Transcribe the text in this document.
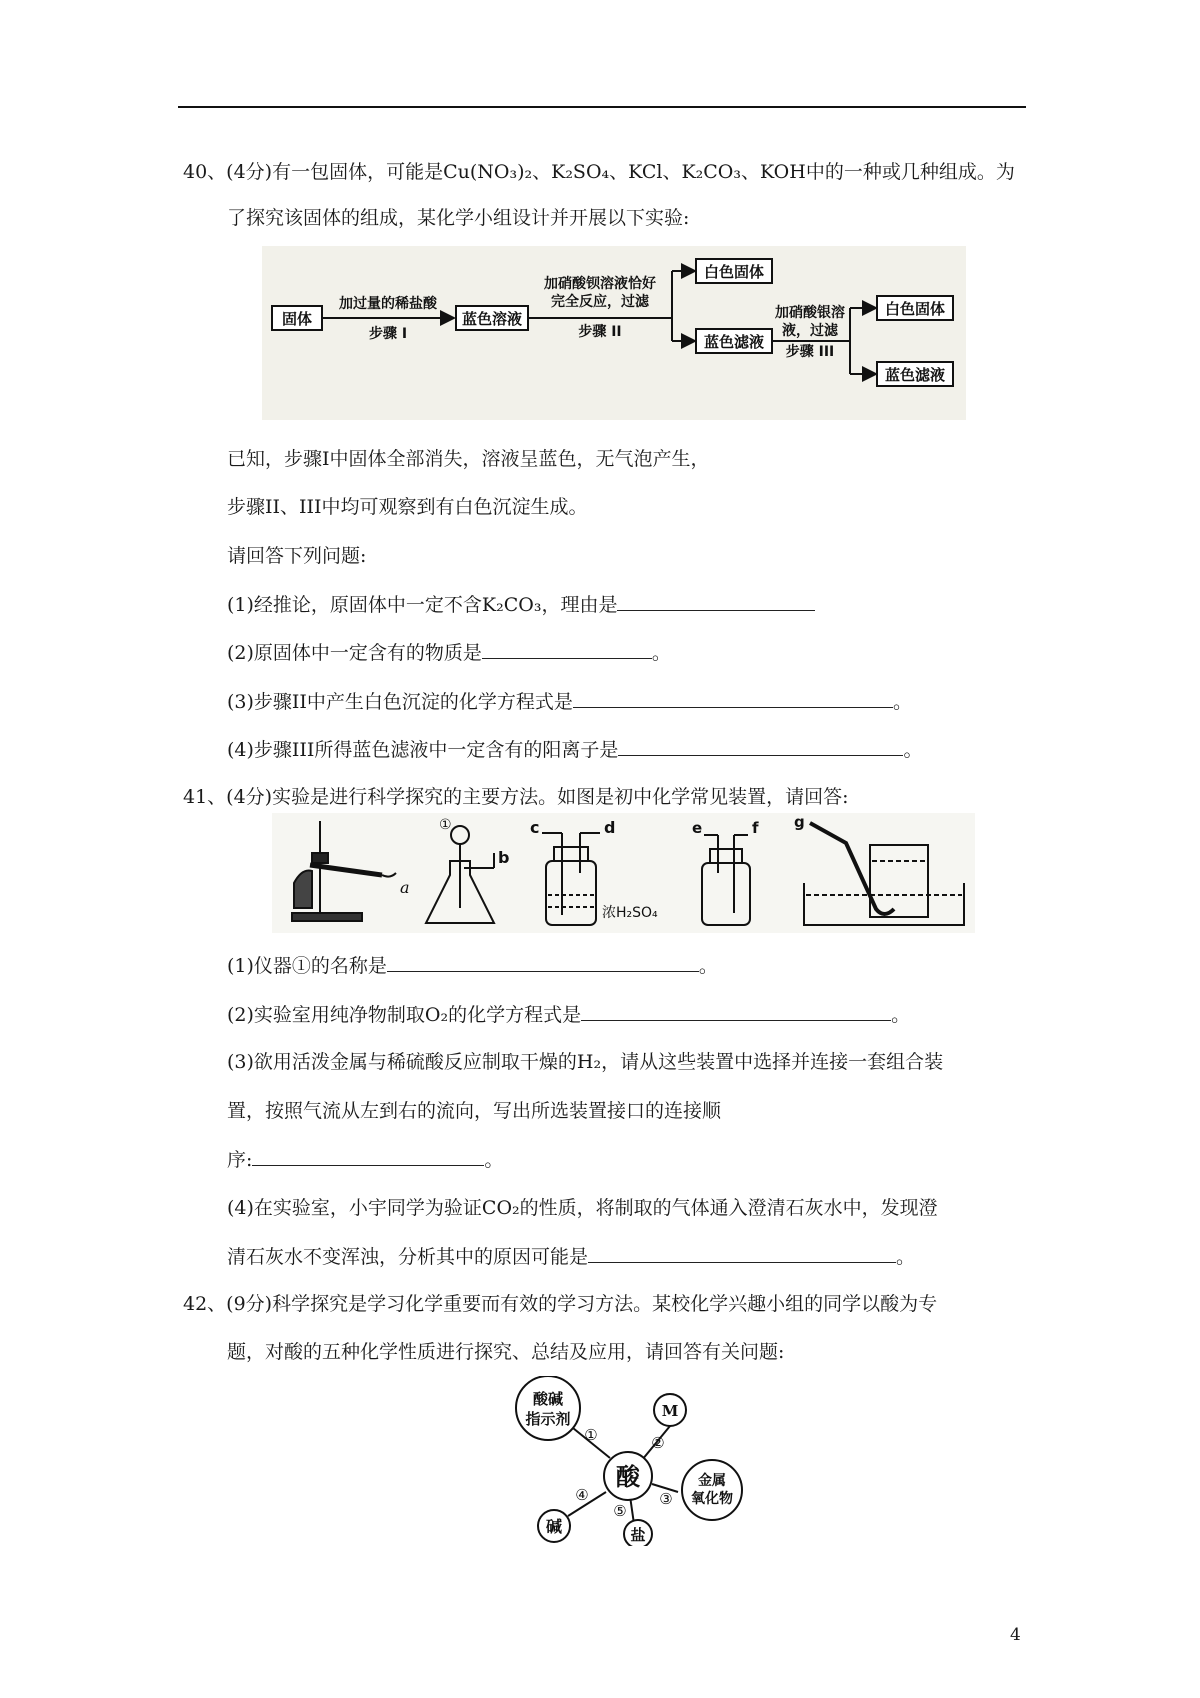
40、(4分)有一包固体，可能是Cu(NO₃)₂、K₂SO₄、KCl、K₂CO₃、KOH中的一种或几种组成。为
了探究该固体的组成，某化学小组设计并开展以下实验:
固体
加过量的稀盐酸
步骤 I
蓝色溶液
加硝酸钡溶液恰好
完全反应，过滤
步骤 II
白色固体
蓝色滤液
加硝酸银溶
液，过滤
步骤 III
白色固体
蓝色滤液
已知，步骤I中固体全部消失，溶液呈蓝色，无气泡产生，
步骤II、III中均可观察到有白色沉淀生成。
请回答下列问题:
(1)经推论，原固体中一定不含K₂CO₃，理由是
(2)原固体中一定含有的物质是	。
(3)步骤II中产生白色沉淀的化学方程式是	。
(4)步骤III所得蓝色滤液中一定含有的阳离子是	。
41、(4分)实验是进行科学探究的主要方法。如图是初中化学常见装置，请回答:
a
①
b
c	d
浓H₂SO₄
e	f g
(1)仪器①的名称是	。
(2)实验室用纯净物制取O₂的化学方程式是	。
(3)欲用活泼金属与稀硫酸反应制取干燥的H₂，请从这些装置中选择并连接一套组合装
置，按照气流从左到右的流向，写出所选装置接口的连接顺
序:	。
(4)在实验室，小宇同学为验证CO₂的性质，将制取的气体通入澄清石灰水中，发现澄
清石灰水不变浑浊，分析其中的原因可能是	。
42、(9分)科学探究是学习化学重要而有效的学习方法。某校化学兴趣小组的同学以酸为专
题，对酸的五种化学性质进行探究、总结及应用，请回答有关问题:
酸碱
指示剂
酸
M
金属
氧化物
碱	盐
①	②
③
④
⑤
4
